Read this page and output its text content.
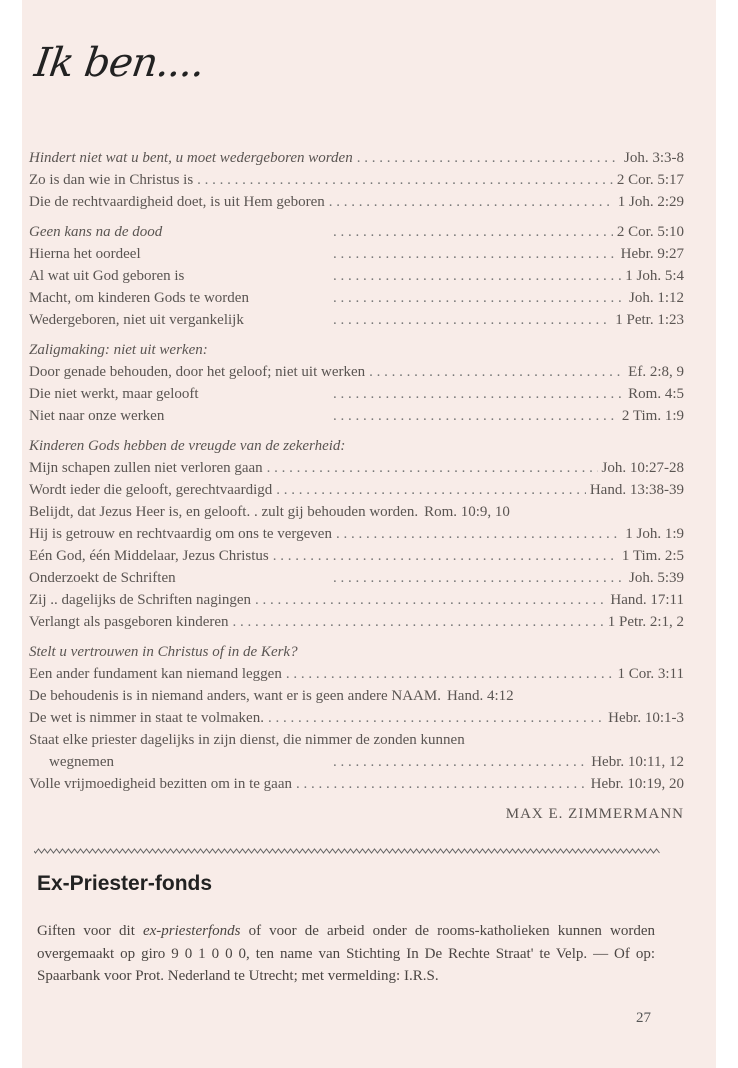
Ik ben....
Hindert niet wat u bent, u moet wedergeboren worden . . .	Joh. 3:3-8
Zo is dan wie in Christus is . . .	2 Cor. 5:17
Die de rechtvaardigheid doet, is uit Hem geboren . . .	1 Joh. 2:29
Geen kans na de dood . . .	2 Cor. 5:10
Hierna het oordeel . . .	Hebr. 9:27
Al wat uit God geboren is . . .	1 Joh. 5:4
Macht, om kinderen Gods te worden . . .	Joh. 1:12
Wedergeboren, niet uit vergankelijk . . .	1 Petr. 1:23
Zaligmaking: niet uit werken:
Door genade behouden, door het geloof; niet uit werken . . .	Ef. 2:8, 9
Die niet werkt, maar gelooft . . .	Rom. 4:5
Niet naar onze werken . . .	2 Tim. 1:9
Kinderen Gods hebben de vreugde van de zekerheid:
Mijn schapen zullen niet verloren gaan . . .	Joh. 10:27-28
Wordt ieder die gelooft, gerechtvaardigd . . .	Hand. 13:38-39
Belijdt, dat Jezus Heer is, en gelooft. . zult gij behouden worden. Rom. 10:9, 10
Hij is getrouw en rechtvaardig om ons te vergeven . . .	1 Joh. 1:9
Eén God, één Middelaar, Jezus Christus . . .	1 Tim. 2:5
Onderzoekt de Schriften . . .	Joh. 5:39
Zij .. dagelijks de Schriften nagingen . . .	Hand. 17:11
Verlangt als pasgeboren kinderen . . .	1 Petr. 2:1, 2
Stelt u vertrouwen in Christus of in de Kerk?
Een ander fundament kan niemand leggen . . .	1 Cor. 3:11
De behoudenis is in niemand anders, want er is geen andere NAAM. Hand. 4:12
De wet is nimmer in staat te volmaken. . . .	Hebr. 10:1-3
Staat elke priester dagelijks in zijn dienst, die nimmer de zonden kunnen
wegnemen . . .	Hebr. 10:11, 12
Volle vrijmoedigheid bezitten om in te gaan . . .	Hebr. 10:19, 20
MAX E. ZIMMERMANN
Ex-Priester-fonds
Giften voor dit ex-priesterfonds of voor de arbeid onder de rooms-katholieken kunnen worden overgemaakt op giro 9 0 1 0 0 0, ten name van Stichting In De Rechte Straat' te Velp. — Of op: Spaarbank voor Prot. Nederland te Utrecht; met vermelding: I.R.S.
27
